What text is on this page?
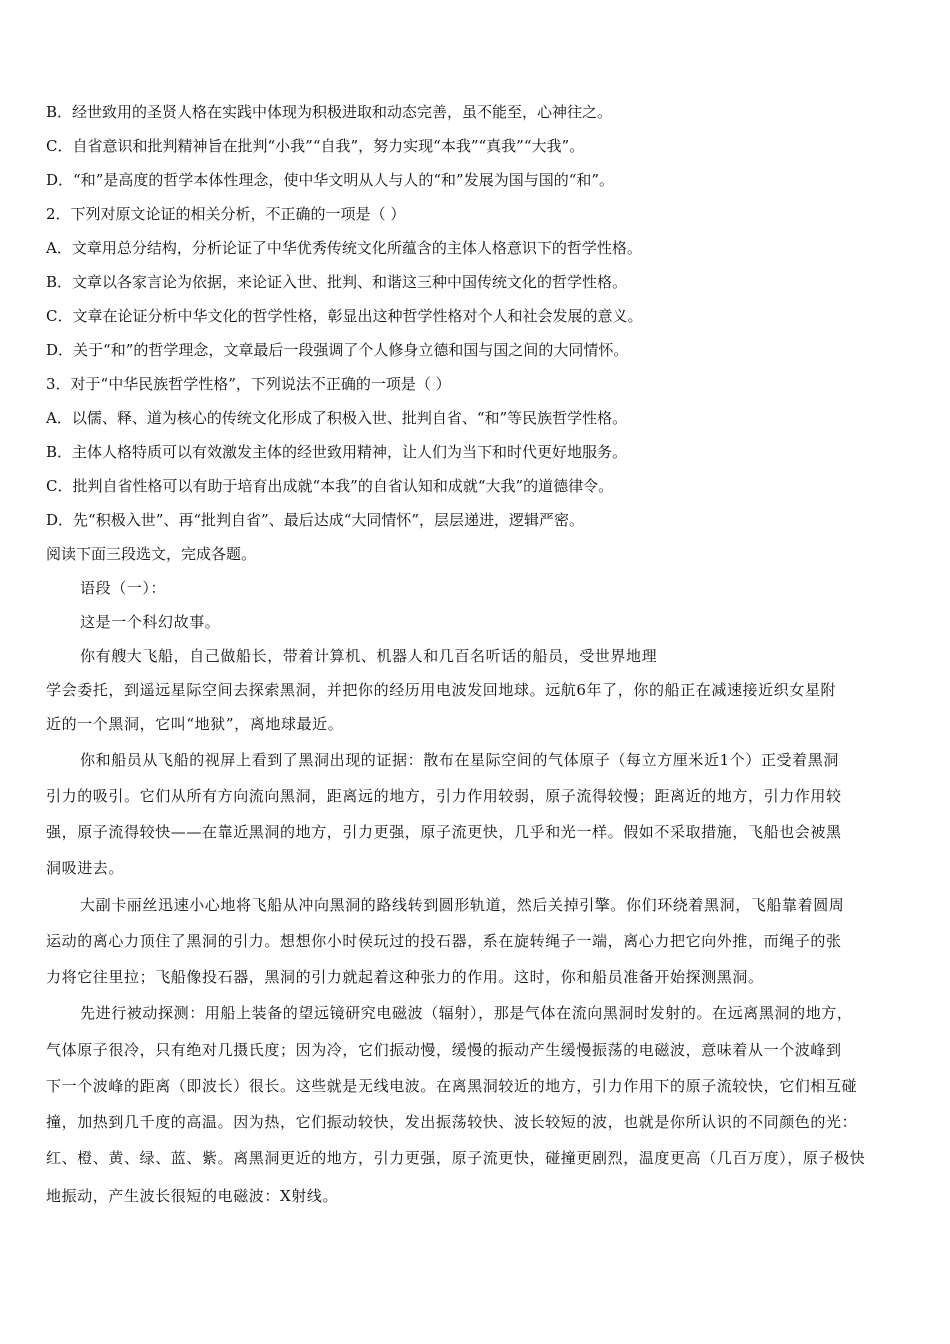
B．经世致用的圣贤人格在实践中体现为积极进取和动态完善，虽不能至，心神往之。
C．自省意识和批判精神旨在批判“小我”“自我”，努力实现“本我”“真我”“大我”。
D．“和”是高度的哲学本体性理念，使中华文明从人与人的“和”发展为国与国的“和”。
2．下列对原文论证的相关分析，不正确的一项是（ ）
A．文章用总分结构，分析论证了中华优秀传统文化所蕴含的主体人格意识下的哲学性格。
B．文章以各家言论为依据，来论证入世、批判、和谐这三种中国传统文化的哲学性格。
C．文章在论证分析中华文化的哲学性格，彰显出这种哲学性格对个人和社会发展的意义。
D．关于“和”的哲学理念，文章最后一段强调了个人修身立德和国与国之间的大同情怀。
3．对于“中华民族哲学性格”，下列说法不正确的一项是（ ）
A．以儒、释、道为核心的传统文化形成了积极入世、批判自省、“和”等民族哲学性格。
B．主体人格特质可以有效激发主体的经世致用精神，让人们为当下和时代更好地服务。
C．批判自省性格可以有助于培育出成就“本我”的自省认知和成就“大我”的道德律令。
D．先“积极入世”、再“批判自省”、最后达成“大同情怀”，层层递进，逻辑严密。
阅读下面三段选文，完成各题。
语段（一）：
这是一个科幻故事。
你有艘大飞船，自己做船长，带着计算机、机器人和几百名听话的船员，受世界地理
学会委托，到遥远星际空间去探索黑洞，并把你的经历用电波发回地球。远航6年了，你的船正在减速接近织女星附
近的一个黑洞，它叫“地狱”，离地球最近。
你和船员从飞船的视屏上看到了黑洞出现的证据：散布在星际空间的气体原子（每立方厘米近1个）正受着黑洞
引力的吸引。它们从所有方向流向黑洞，距离远的地方，引力作用较弱，原子流得较慢；距离近的地方，引力作用较
强，原子流得较快——在靠近黑洞的地方，引力更强，原子流更快，几乎和光一样。假如不采取措施，飞船也会被黑
洞吸进去。
大副卡丽丝迅速小心地将飞船从冲向黑洞的路线转到圆形轨道，然后关掉引擎。你们环绕着黑洞，飞船靠着圆周
运动的离心力顶住了黑洞的引力。想想你小时侯玩过的投石器，系在旋转绳子一端，离心力把它向外推，而绳子的张
力将它往里拉；飞船像投石器，黑洞的引力就起着这种张力的作用。这时，你和船员准备开始探测黑洞。
先进行被动探测：用船上装备的望远镜研究电磁波（辐射），那是气体在流向黑洞时发射的。在远离黑洞的地方，
气体原子很冷，只有绝对几摄氏度；因为冷，它们振动慢，缓慢的振动产生缓慢振荡的电磁波，意味着从一个波峰到
下一个波峰的距离（即波长）很长。这些就是无线电波。在离黑洞较近的地方，引力作用下的原子流较快，它们相互碰
撞，加热到几千度的高温。因为热，它们振动较快，发出振荡较快、波长较短的波，也就是你所认识的不同颜色的光：
红、橙、黄、绿、蓝、紫。离黑洞更近的地方，引力更强，原子流更快，碰撞更剧烈，温度更高（几百万度），原子极快
地振动，产生波长很短的电磁波：X射线。
